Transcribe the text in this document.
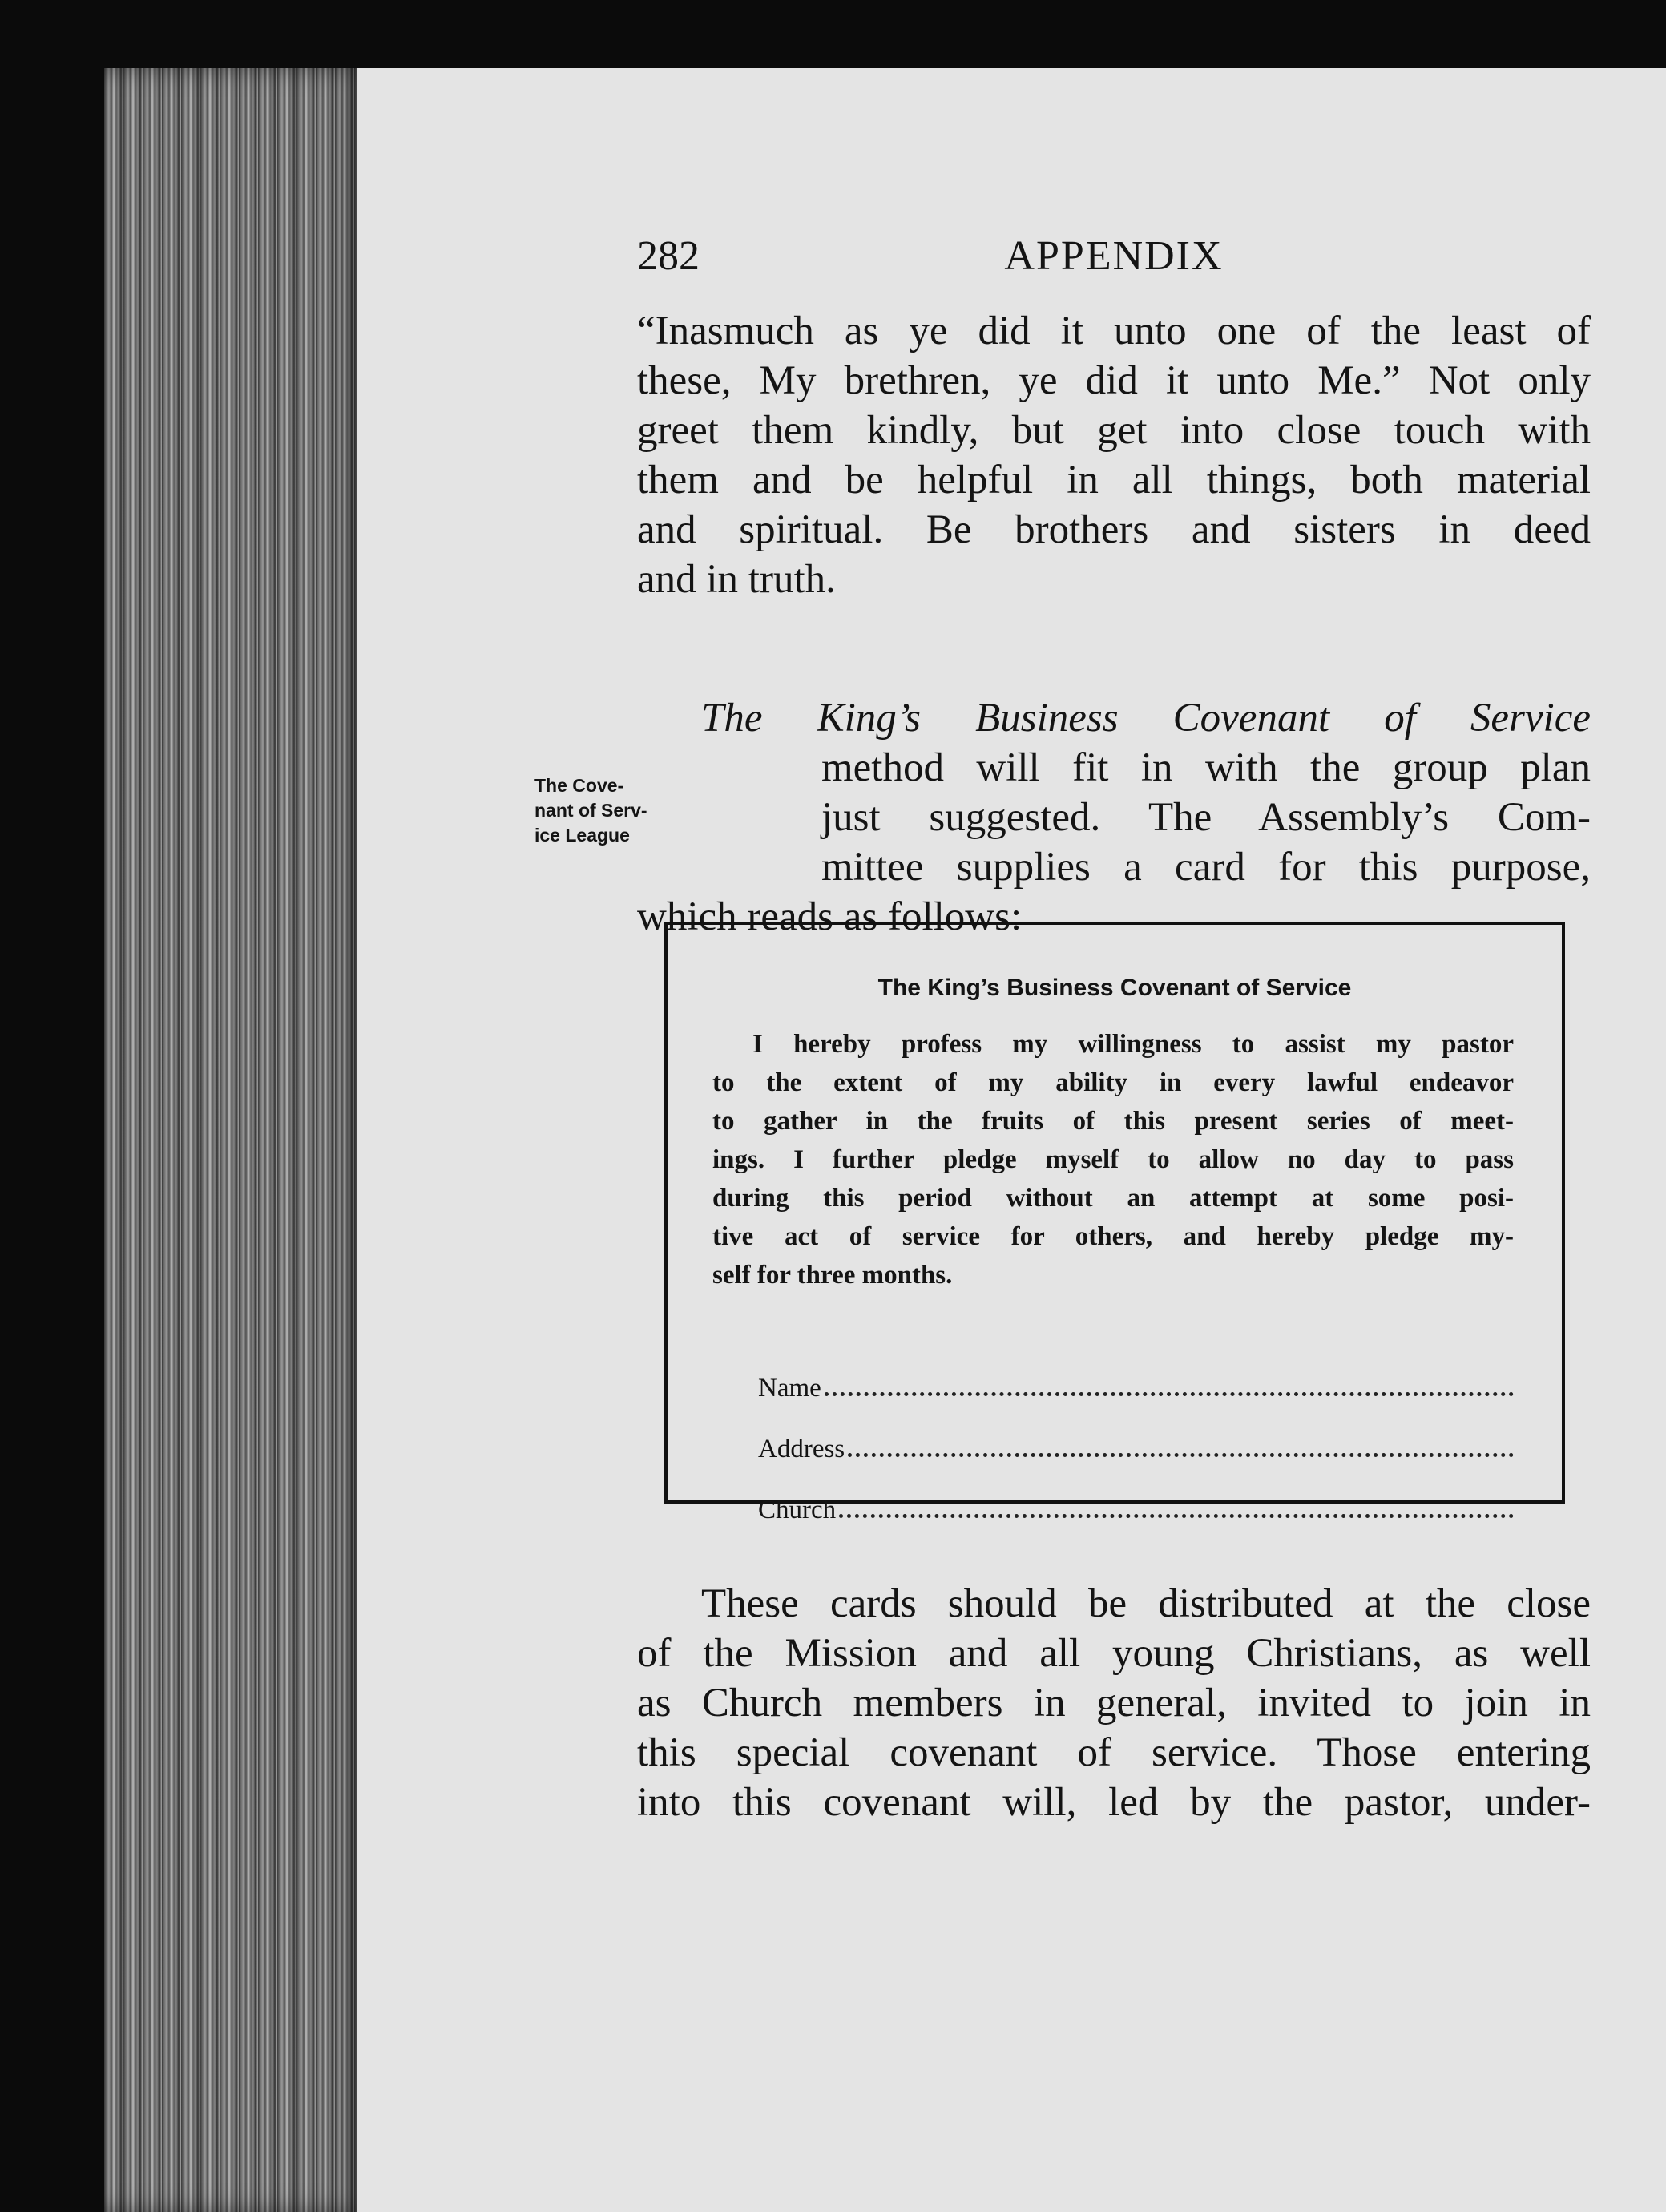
282	APPENDIX
“Inasmuch as ye did it unto one of the least of
these, My brethren, ye did it unto Me.” Not only
greet them kindly, but get into close touch with
them and be helpful in all things, both material
and spiritual. Be brothers and sisters in deed
and in truth.
The King’s Business Covenant of Service
method will fit in with the group plan
just suggested. The Assembly’s Com-
mittee supplies a card for this purpose,
which reads as follows:
The Cove-
nant of Serv-
ice League
The King’s Business Covenant of Service
I hereby profess my willingness to assist my pastor
to the extent of my ability in every lawful endeavor
to gather in the fruits of this present series of meet-
ings. I further pledge myself to allow no day to pass
during this period without an attempt at some posi-
tive act of service for others, and hereby pledge my-
self for three months.
Name
Address
Church
These cards should be distributed at the close
of the Mission and all young Christians, as well
as Church members in general, invited to join in
this special covenant of service. Those entering
into this covenant will, led by the pastor, under-
